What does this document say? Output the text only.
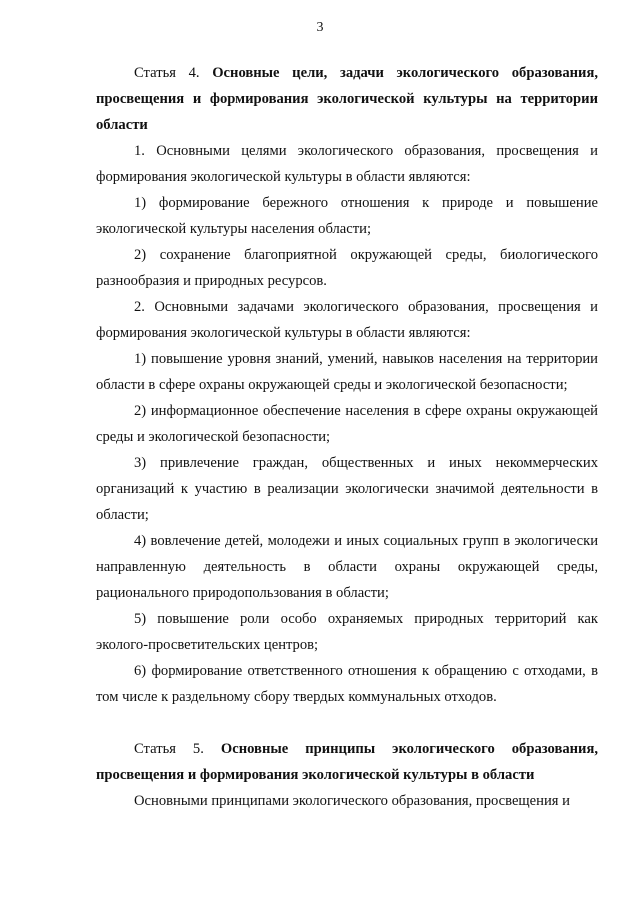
3

Статья 4. Основные цели, задачи экологического образования, просвещения и формирования экологической культуры на территории области

1. Основными целями экологического образования, просвещения и формирования экологической культуры в области являются:

1) формирование бережного отношения к природе и повышение экологической культуры населения области;

2) сохранение благоприятной окружающей среды, биологического разнообразия и природных ресурсов.

2. Основными задачами экологического образования, просвещения и формирования экологической культуры в области являются:

1) повышение уровня знаний, умений, навыков населения на территории области в сфере охраны окружающей среды и экологической безопасности;

2) информационное обеспечение населения в сфере охраны окружающей среды и экологической безопасности;

3) привлечение граждан, общественных и иных некоммерческих организаций к участию в реализации экологически значимой деятельности в области;

4) вовлечение детей, молодежи и иных социальных групп в экологически направленную деятельность в области охраны окружающей среды, рационального природопользования в области;

5) повышение роли особо охраняемых природных территорий как эколого-просветительских центров;

6) формирование ответственного отношения к обращению с отходами, в том числе к раздельному сбору твердых коммунальных отходов.

Статья 5. Основные принципы экологического образования, просвещения и формирования экологической культуры в области

Основными принципами экологического образования, просвещения и
